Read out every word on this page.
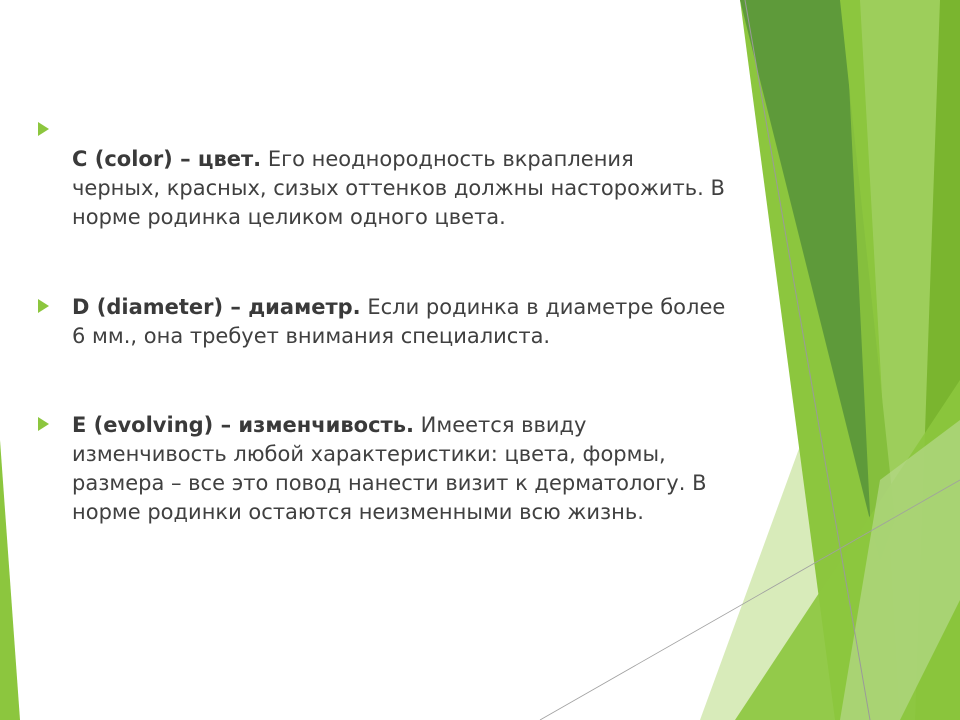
C (color) – цвет. Его неоднородность вкрапления черных, красных, сизых оттенков должны насторожить. В норме родинка целиком одного цвета.
D (diameter) – диаметр. Если родинка в диаметре более 6 мм., она требует внимания специалиста.
E (evolving) – изменчивость. Имеется ввиду изменчивость любой характеристики: цвета, формы, размера – все это повод нанести визит к дерматологу. В норме родинки остаются неизменными всю жизнь.
